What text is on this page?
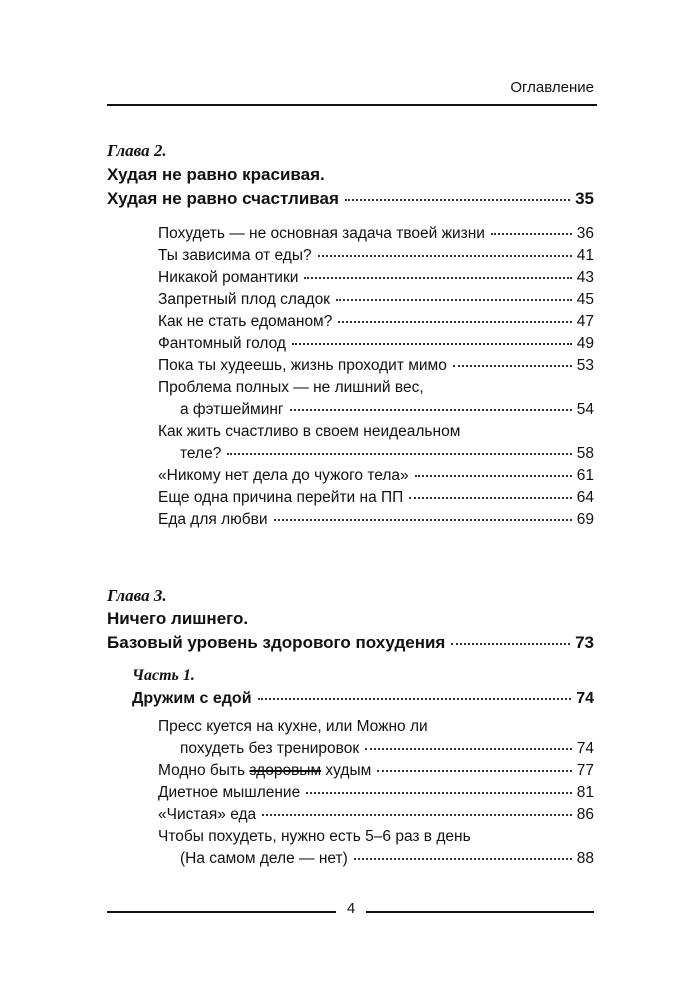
Оглавление
Глава 2.
Худая не равно красивая.
Худая не равно счастливая	35
Похудеть — не основная задача твоей жизни	36
Ты зависима от еды?	41
Никакой романтики	43
Запретный плод сладок	45
Как не стать едоманом?	47
Фантомный голод	49
Пока ты худеешь, жизнь проходит мимо	53
Проблема полных — не лишний вес,
а фэтшейминг	54
Как жить счастливо в своем неидеальном
теле?	58
«Никому нет дела до чужого тела»	61
Еще одна причина перейти на ПП	64
Еда для любви	69
Глава 3.
Ничего лишнего.
Базовый уровень здорового похудения	73
Часть 1.
Дружим с едой	74
Пресс куется на кухне, или Можно ли
похудеть без тренировок	74
Модно быть здоровым худым	77
Диетное мышление	81
«Чистая» еда	86
Чтобы похудеть, нужно есть 5–6 раз в день
(На самом деле — нет)	88
4
